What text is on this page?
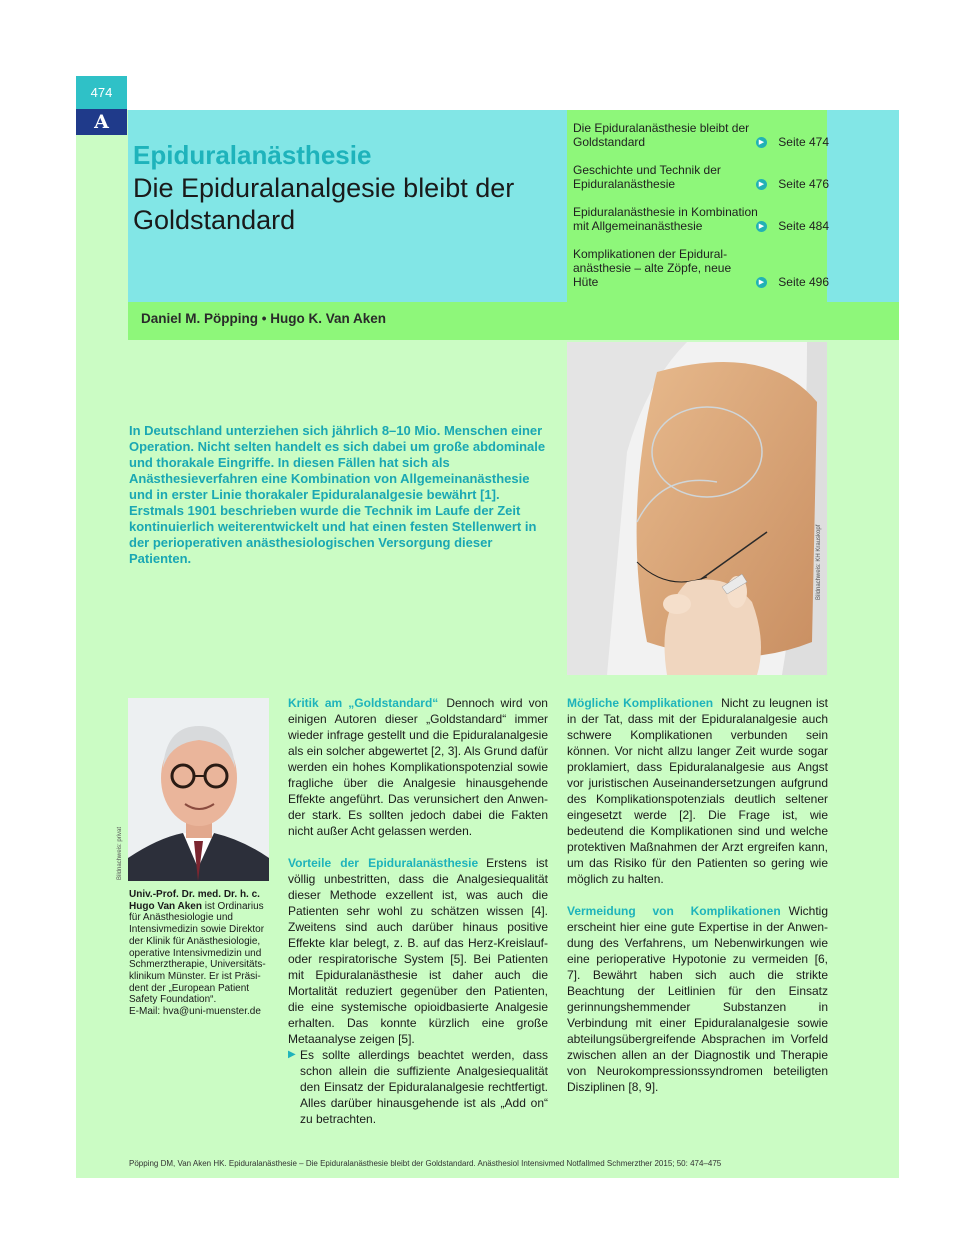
474
A
Epiduralanästhesie
Die Epiduralanalgesie bleibt der Goldstandard
Die Epiduralanästhesie bleibt der Goldstandard	▶ Seite 474
Geschichte und Technik der Epiduralanästhesie	▶ Seite 476
Epiduralanästhesie in Kombination mit Allgemeinanästhesie	▶ Seite 484
Komplikationen der Epiduralanästhesie – alte Zöpfe, neue Hüte	▶ Seite 496
Daniel M. Pöpping • Hugo K. Van Aken
In Deutschland unterziehen sich jährlich 8–10 Mio. Menschen einer Operation. Nicht selten handelt es sich dabei um große abdominale und thorakale Eingriffe. In diesen Fällen hat sich als Anästhesieverfahren eine Kombination von Allgemeinanästhesie und in erster Linie thorakaler Epiduralanalgesie bewährt [1]. Erstmals 1901 beschrieben wurde die Technik im Laufe der Zeit kontinuierlich weiterentwickelt und hat einen festen Stellenwert in der perioperativen anästhesiologischen Versorgung dieser Patienten.	Bildnachweis: KH Krauskopf
Bildnachweis: privat
Univ.-Prof. Dr. med. Dr. h. c. Hugo Van Aken ist Ordinarius für Anästhesiologie und Intensivmedizin sowie Direktor der Klinik für Anästhesiologie, operative Intensivmedizin und Schmerztherapie, Universitätsklinikum Münster. Er ist Präsident der „European Patient Safety Foundation“.
E-Mail: hva@uni-muenster.de

Kritik am „Goldstandard“ Dennoch wird von einigen Autoren dieser „Goldstandard“ immer wieder infrage gestellt und die Epiduralanalgesie als ein solcher abgewertet [2, 3]. Als Grund dafür werden ein hohes Komplikationspotenzial sowie fragliche über die Analgesie hinausgehende Effekte angeführt. Das verunsichert den Anwender stark. Es sollten jedoch dabei die Fakten nicht außer Acht gelassen werden.

Vorteile der Epiduralanästhesie Erstens ist völlig unbestritten, dass die Analgesiequalität dieser Methode exzellent ist, was auch die Patienten sehr wohl zu schätzen wissen [4]. Zweitens sind auch darüber hinaus positive Effekte klar belegt, z. B. auf das Herz-Kreislauf- oder respiratorische System [5]. Bei Patienten mit Epiduralanästhesie ist daher auch die Mortalität reduziert gegenüber den Patienten, die eine systemische opioidbasierte Analgesie erhalten. Das konnte kürzlich eine große Metaanalyse zeigen [5].

▶ Es sollte allerdings beachtet werden, dass schon allein die suffiziente Analgesiequalität den Einsatz der Epiduralanalgesie rechtfertigt. Alles darüber hinausgehende ist als „Add on“ zu betrachten.

Mögliche Komplikationen Nicht zu leugnen ist in der Tat, dass mit der Epiduralanalgesie auch schwere Komplikationen verbunden sein können. Vor nicht allzu langer Zeit wurde sogar proklamiert, dass Epiduralanalgesie aus Angst vor juristischen Auseinandersetzungen aufgrund des Komplikationspotenzials deutlich seltener eingesetzt werde [2]. Die Frage ist, wie bedeutend die Komplikationen sind und welche protektiven Maßnahmen der Arzt ergreifen kann, um das Risiko für den Patienten so gering wie möglich zu halten.

Vermeidung von Komplikationen Wichtig erscheint hier eine gute Expertise in der Anwendung des Verfahrens, um Nebenwirkungen wie eine perioperative Hypotonie zu vermeiden [6, 7]. Bewährt haben sich auch die strikte Beachtung der Leitlinien für den Einsatz gerinnungshemmender Substanzen in Verbindung mit einer Epiduralanalgesie sowie abteilungsübergreifende Absprachen im Vorfeld zwischen allen an der Diagnostik und Therapie von Neurokompressionssyndromen beteiligten Disziplinen [8, 9].

Pöpping DM, Van Aken HK. Epiduralanästhesie – Die Epiduralanästhesie bleibt der Goldstandard. Anästhesiol Intensivmed Notfallmed Schmerzther 2015; 50: 474–475
